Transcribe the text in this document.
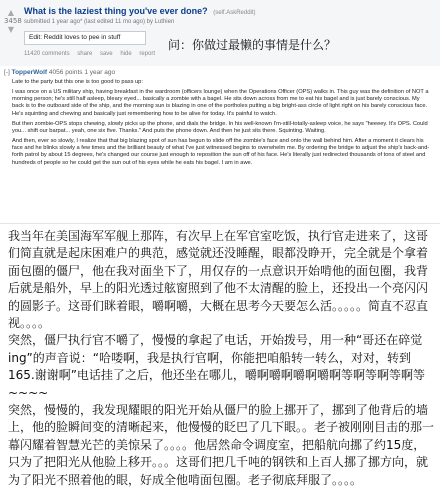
▲
3458
▼
What is the laziest thing you've ever done? (self.AskReddit)
submitted 1 year ago* (last edited 11 mo ago) by Luthien
Edit: Reddit loves to pee in stuff
问：你做过最懒的事情是什么？
11420 comments share save hide report
[-] TopperWolf 4056 points 1 year ago

Late to the party but this one is too good to pass up:

I was once on a US military ship, having breakfast in the wardroom (officers lounge) when the Operations Officer (OPS) walks in. This guy was the definition of NOT a morning person; he's still half asleep, bleary eyed... basically a zombie with a bagel. He sits down across from me to eat his bagel and is just barely conscious. My back is to the outboard side of the ship, and the morning sun is blazing in one of the portholes putting a big bright-ass circle of light right on his barely conscious face. He's squinting and chewing and basically just remembering how to be alive for today. It's painful to watch.

But then zombie-OPS stops chewing, slowly picks up the phone, and dials the bridge. In his well-known I'm-still-totally-asleep voice, he says "heeeey. It's OPS. Could you... shift our barpat... yeah, one six five. Thanks." And puts the phone down. And then he just sits there. Squinting. Waiting.

And then, ever so slowly, I realize that that big blazing spot of sun has begun to slide off the zombie's face and onto the wall behind him. After a moment it clears his face and he blinks slowly a few times and the brilliant beauty of what I've just witnessed begins to overwhelm me. By ordering the bridge to adjust the ship's back-and-forth patrol by about 15 degrees, he's changed our course just enough to reposition the sun off of his face. He's literally just redirected thousands of tons of steel and hundreds of people so he could get the sun out of his eyes while he eats his bagel. I am in awe.

我当年在美国海军军舰上那阵，有次早上在军官室吃饭，执行官走进来了，这哥们简直就是起床困难户的典范，感觉就还没睡醒，眼都没睁开，完全就是个拿着面包圈的僵尸，他在我对面坐下了，用仅存的一点意识开始啃他的面包圈，我背后就是船外，早上的阳光透过舷窗照到了他不太清醒的脸上，还投出一个亮闪闪的圆影子。这哥们眯着眼，嚼啊嚼，大概在思考今天要怎么活。。。。。简直不忍直视。。。。

突然，僵尸执行官不嚼了，慢慢的拿起了电话，开始拨号，用一种“哥还在碎觉ing”的声音说：“哈喽啊，我是执行官啊，你能把咱船转一转么，对对，转到165.谢谢啊”电话挂了之后，他还坐在哪儿，嚼啊嚼啊嚼啊嚼啊等啊等啊等啊等~~~~

突然，慢慢的，我发现耀眼的阳光开始从僵尸的脸上挪开了，挪到了他背后的墙上，他的脸瞬间变的清晰起来，他慢慢的眨巴了几下眼。。老子被刚刚目击的那一幕闪耀着智慧光芒的美惊呆了。。。。他居然命令调度室，把船航向挪了约15度，只为了把阳光从他脸上移开。。。这哥们把几千吨的钢铁和上百人挪了挪方向，就为了阳光不照着他的眼，好成全他啃面包圈。老子彻底拜服了。。。。
